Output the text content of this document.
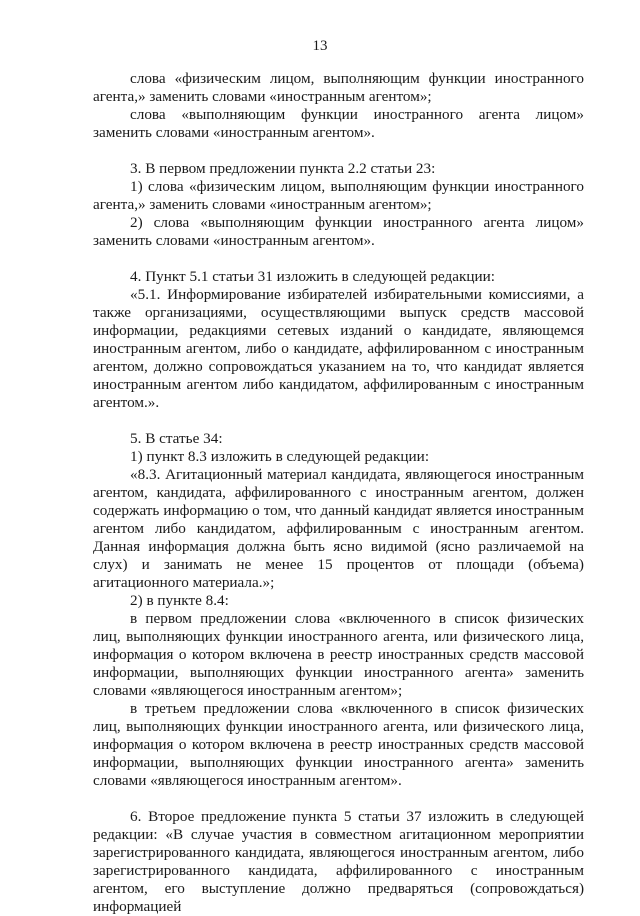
13

слова «физическим лицом, выполняющим функции иностранного агента,» заменить словами «иностранным агентом»;

слова «выполняющим функции иностранного агента лицом» заменить словами «иностранным агентом».

3. В первом предложении пункта 2.2 статьи 23:

1) слова «физическим лицом, выполняющим функции иностранного агента,» заменить словами «иностранным агентом»;

2) слова «выполняющим функции иностранного агента лицом» заменить словами «иностранным агентом».

4. Пункт 5.1 статьи 31 изложить в следующей редакции:

«5.1. Информирование избирателей избирательными комиссиями, а также организациями, осуществляющими выпуск средств массовой информации, редакциями сетевых изданий о кандидате, являющемся иностранным агентом, либо о кандидате, аффилированном с иностранным агентом, должно сопровождаться указанием на то, что кандидат является иностранным агентом либо кандидатом, аффилированным с иностранным агентом.».

5. В статье 34:

1) пункт 8.3 изложить в следующей редакции:

«8.3. Агитационный материал кандидата, являющегося иностранным агентом, кандидата, аффилированного с иностранным агентом, должен содержать информацию о том, что данный кандидат является иностранным агентом либо кандидатом, аффилированным с иностранным агентом. Данная информация должна быть ясно видимой (ясно различаемой на слух) и занимать не менее 15 процентов от площади (объема) агитационного материала.»;

2) в пункте 8.4:

в первом предложении слова «включенного в список физических лиц, выполняющих функции иностранного агента, или физического лица, информация о котором включена в реестр иностранных средств массовой информации, выполняющих функции иностранного агента» заменить словами «являющегося иностранным агентом»;

в третьем предложении слова «включенного в список физических лиц, выполняющих функции иностранного агента, или физического лица, информация о котором включена в реестр иностранных средств массовой информации, выполняющих функции иностранного агента» заменить словами «являющегося иностранным агентом».

6. Второе предложение пункта 5 статьи 37 изложить в следующей редакции: «В случае участия в совместном агитационном мероприятии зарегистрированного кандидата, являющегося иностранным агентом, либо зарегистрированного кандидата, аффилированного с иностранным агентом, его выступление должно предваряться (сопровождаться) информацией
